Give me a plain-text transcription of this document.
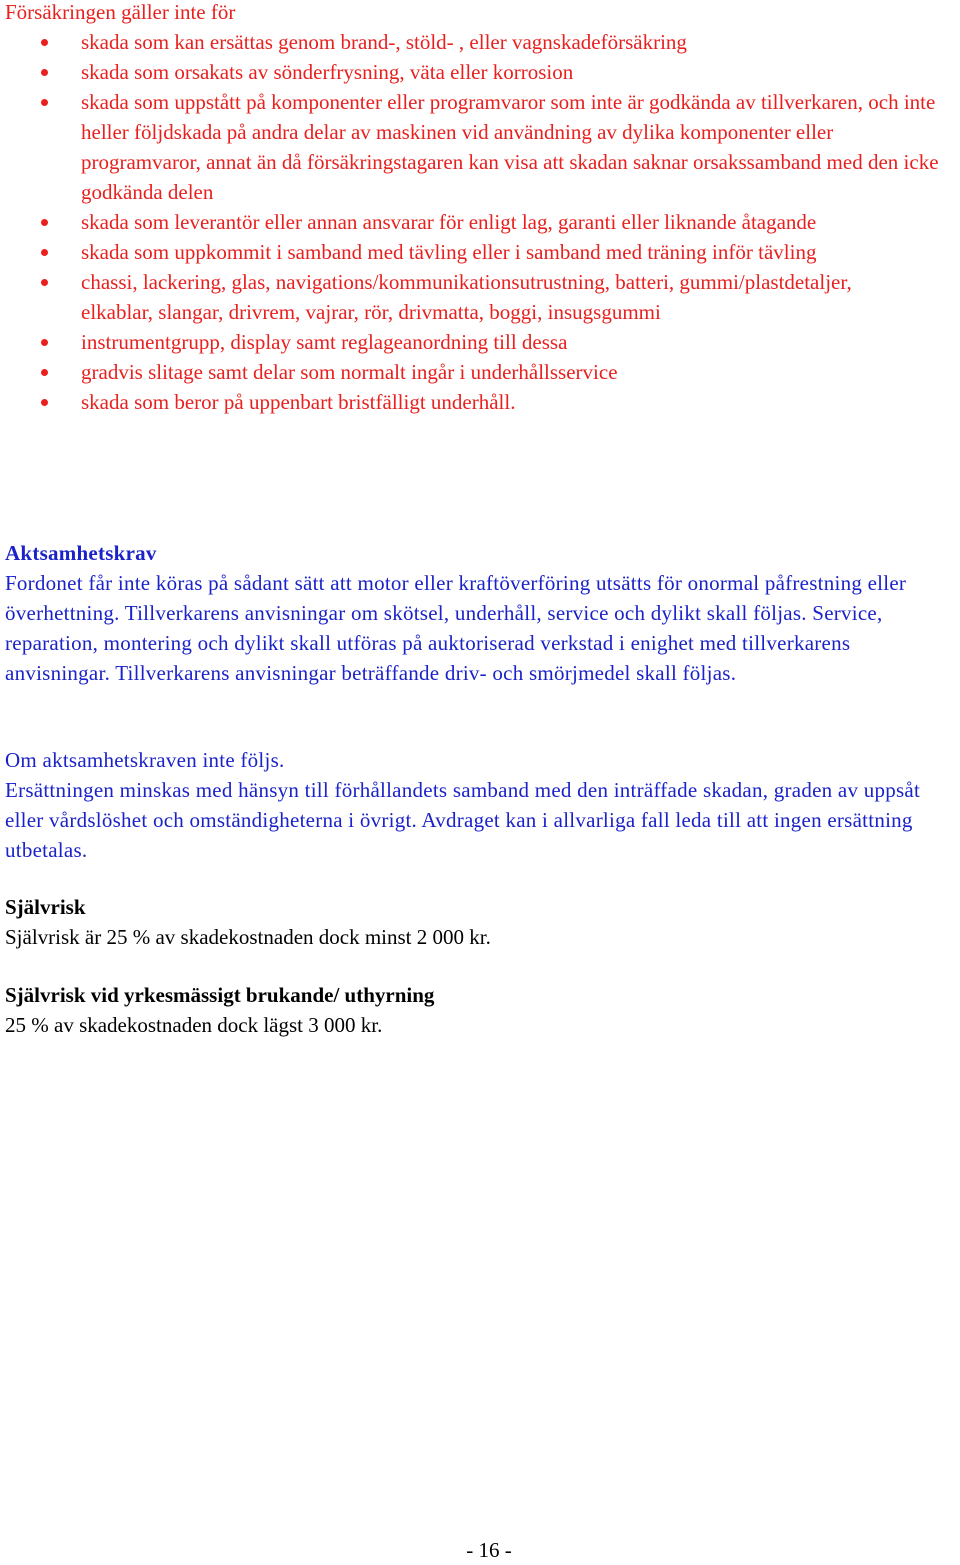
Försäkringen gäller inte för

skada som kan ersättas genom brand-, stöld- , eller vagnskadeförsäkring
skada som orsakats av sönderfrysning, väta eller korrosion
skada som uppstått på komponenter eller programvaror som inte är godkända av tillverkaren, och inte heller följdskada på andra delar av maskinen vid användning av dylika komponenter eller programvaror, annat än då försäkringstagaren kan visa att skadan saknar orsakssamband med den icke godkända delen
skada som leverantör eller annan ansvarar för enligt lag, garanti eller liknande åtagande
skada som uppkommit i samband med tävling eller i samband med träning inför tävling
chassi, lackering, glas, navigations/kommunikationsutrustning, batteri, gummi/plastdetaljer, elkablar, slangar, drivrem, vajrar, rör, drivmatta, boggi, insugsgummi
instrumentgrupp, display samt reglageanordning till dessa
gradvis slitage samt delar som normalt ingår i underhållsservice
skada som beror på uppenbart bristfälligt underhåll.

Aktsamhetskrav

Fordonet får inte köras på sådant sätt att motor eller kraftöverföring utsätts för onormal påfrestning eller överhettning. Tillverkarens anvisningar om skötsel, underhåll, service och dylikt skall följas. Service, reparation, montering och dylikt skall utföras på auktoriserad verkstad i enighet med tillverkarens anvisningar. Tillverkarens anvisningar beträffande driv- och smörjmedel skall följas.

Om aktsamhetskraven inte följs.

Ersättningen minskas med hänsyn till förhållandets samband med den inträffade skadan, graden av uppsåt eller vårdslöshet och omständigheterna i övrigt. Avdraget kan i allvarliga fall leda till att ingen ersättning utbetalas.

Självrisk

Självrisk är 25 % av skadekostnaden dock minst 2 000 kr.

Självrisk vid yrkesmässigt brukande/ uthyrning

25 % av skadekostnaden dock lägst 3 000 kr.

- 16 -
